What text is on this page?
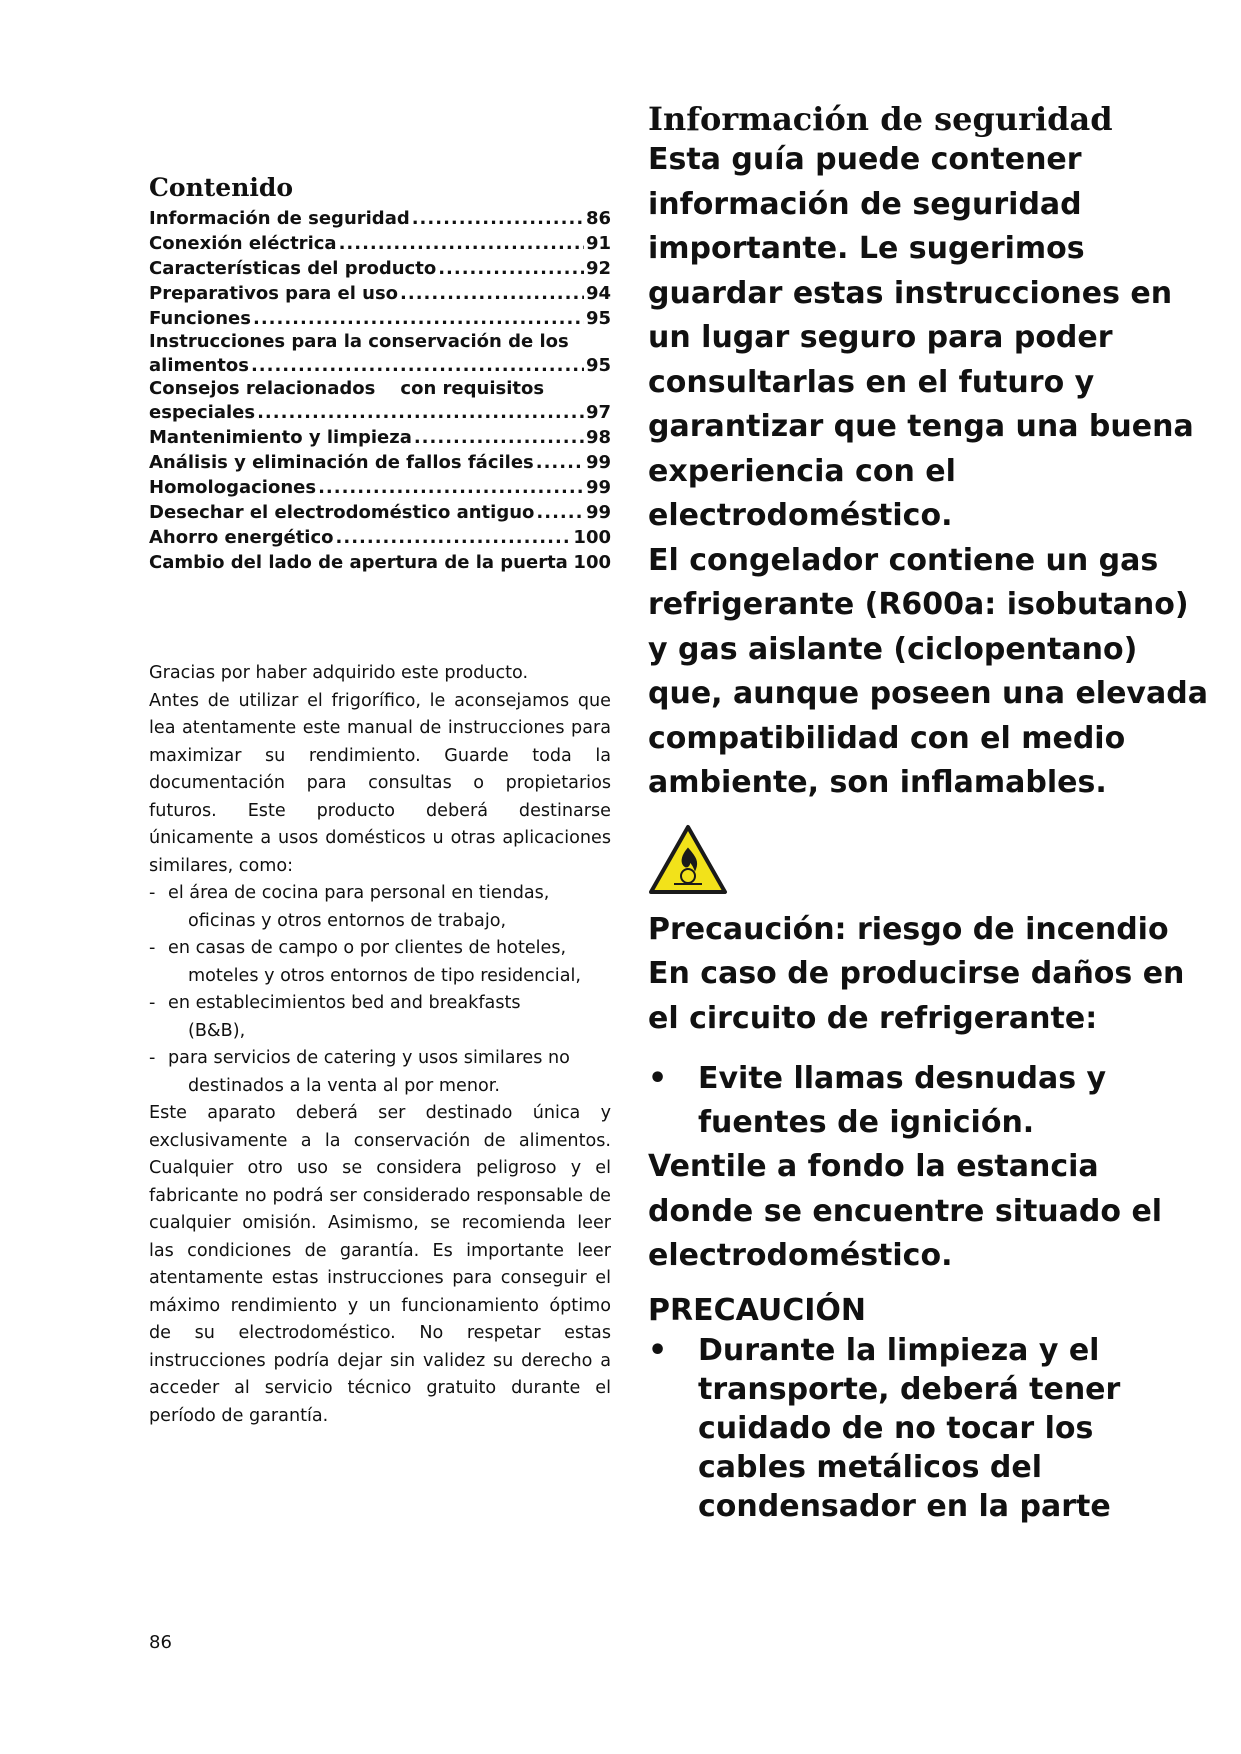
Contenido
Información de seguridad .....	86
Conexión eléctrica .....	91
Características del producto .....	92
Preparativos para el uso .....	94
Funciones .....	95
Instrucciones para la conservación de los
alimentos .....	95
Consejos relacionados    con requisitos
especiales .....	97
Mantenimiento y limpieza .....	98
Análisis y eliminación de fallos fáciles .....	99
Homologaciones .....	99
Desechar el electrodoméstico antiguo .....	99
Ahorro energético .....	100
Cambio del lado de apertura de la puerta ..... 100

Gracias por haber adquirido este producto.

Antes de utilizar el frigorífico, le aconsejamos que lea atentamente este manual de instrucciones para maximizar su rendimiento. Guarde toda la documentación para consultas o propietarios futuros. Este producto deberá destinarse únicamente a usos domésticos u otras aplicaciones similares, como:

- el área de cocina para personal en tiendas,
oficinas y otros entornos de trabajo,
- en casas de campo o por clientes de hoteles,
moteles y otros entornos de tipo residencial,
- en establecimientos bed and breakfasts
(B&B),
- para servicios de catering y usos similares no
destinados a la venta al por menor.

Este aparato deberá ser destinado única y exclusivamente a la conservación de alimentos. Cualquier otro uso se considera peligroso y el fabricante no podrá ser considerado responsable de cualquier omisión. Asimismo, se recomienda leer las condiciones de garantía. Es importante leer atentamente estas instrucciones para conseguir el máximo rendimiento y un funcionamiento óptimo de su electrodoméstico. No respetar estas instrucciones podría dejar sin validez su derecho a acceder al servicio técnico gratuito durante el período de garantía.

Información de seguridad

Esta guía puede contener información de seguridad importante. Le sugerimos guardar estas instrucciones en un lugar seguro para poder consultarlas en el futuro y garantizar que tenga una buena experiencia con el electrodoméstico.

El congelador contiene un gas refrigerante (R600a: isobutano) y gas aislante (ciclopentano) que, aunque poseen una elevada compatibilidad con el medio ambiente, son inflamables.

Precaución: riesgo de incendio

En caso de producirse daños en el circuito de refrigerante:

• Evite llamas desnudas y fuentes de ignición.

Ventile a fondo la estancia donde se encuentre situado el electrodoméstico.

PRECAUCIÓN

• Durante la limpieza y el transporte, deberá tener cuidado de no tocar los cables metálicos del condensador en la parte
86
